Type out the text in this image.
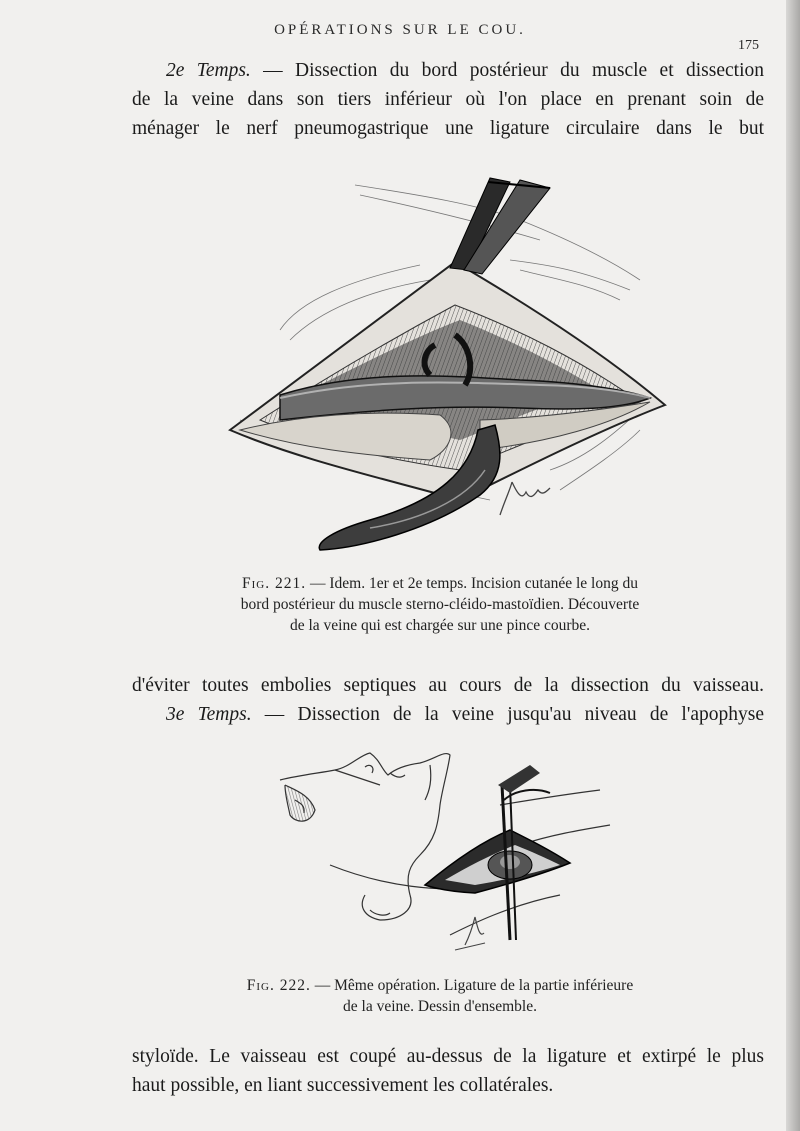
OPÉRATIONS SUR LE COU.
175
2e Temps. — Dissection du bord postérieur du muscle et dissection
de la veine dans son tiers inférieur où l'on place en prenant soin de
ménager le nerf pneumogastrique une ligature circulaire dans le but
Fig. 221. — Idem. 1er et 2e temps. Incision cutanée le long du
bord postérieur du muscle sterno-cléido-mastoïdien. Découverte
de la veine qui est chargée sur une pince courbe.
d'éviter toutes embolies septiques au cours de la dissection du vaisseau.
3e Temps. — Dissection de la veine jusqu'au niveau de l'apophyse
Fig. 222. — Même opération. Ligature de la partie inférieure
de la veine. Dessin d'ensemble.
styloïde. Le vaisseau est coupé au-dessus de la ligature et extirpé le plus
haut possible, en liant successivement les collatérales.
